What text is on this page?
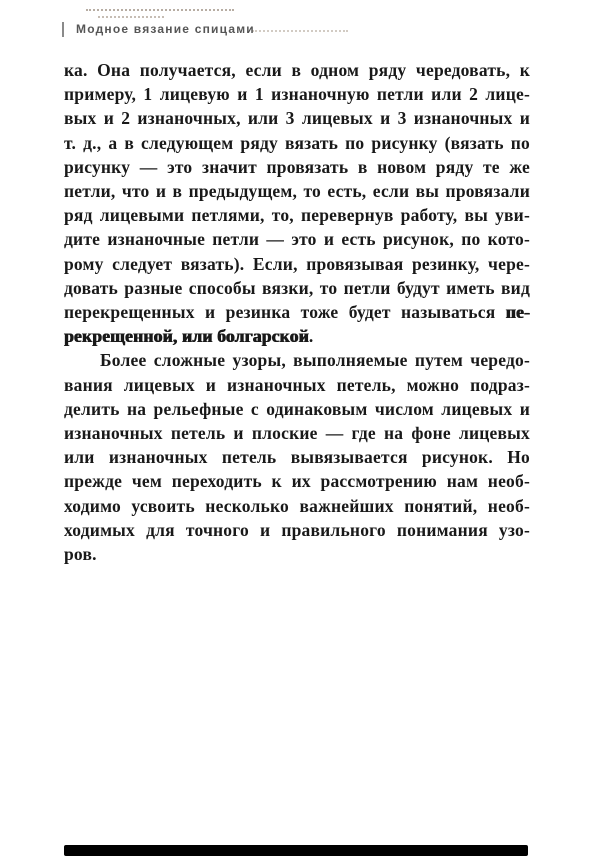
Модное вязание спицами
ка. Она получается, если в одном ряду чередовать, к
примеру, 1 лицевую и 1 изнаночную петли или 2 лице-
вых и 2 изнаночных, или 3 лицевых и 3 изнаночных и
т. д., а в следующем ряду вязать по рисунку (вязать по
рисунку — это значит провязать в новом ряду те же
петли, что и в предыдущем, то есть, если вы провязали
ряд лицевыми петлями, то, перевернув работу, вы уви-
дите изнаночные петли — это и есть рисунок, по кото-
рому следует вязать). Если, провязывая резинку, чере-
довать разные способы вязки, то петли будут иметь вид
перекрещенных и резинка тоже будет называться пе-
рекрещенной, или болгарской.
Более сложные узоры, выполняемые путем чередо-
вания лицевых и изнаночных петель, можно подраз-
делить на рельефные с одинаковым числом лицевых и
изнаночных петель и плоские — где на фоне лицевых
или изнаночных петель вывязывается рисунок. Но
прежде чем переходить к их рассмотрению нам необ-
ходимо усвоить несколько важнейших понятий, необ-
ходимых для точного и правильного понимания узо-
ров.
